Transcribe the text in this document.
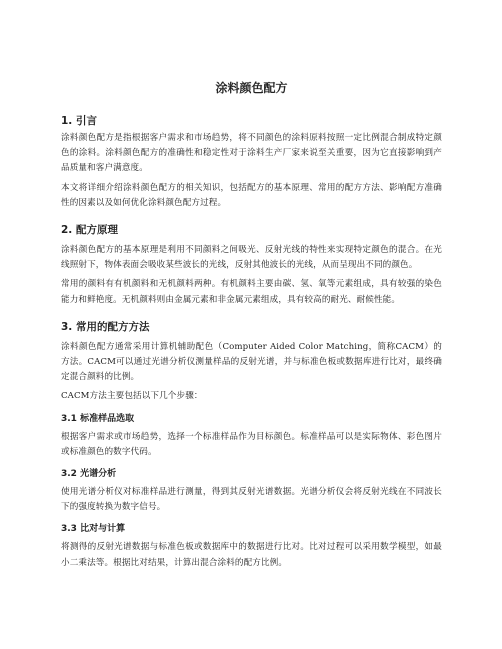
涂料颜色配方
1. 引言

涂料颜色配方是指根据客户需求和市场趋势，将不同颜色的涂料原料按照一定比例混合制成特定颜色的涂料。涂料颜色配方的准确性和稳定性对于涂料生产厂家来说至关重要，因为它直接影响到产品质量和客户满意度。

本文将详细介绍涂料颜色配方的相关知识，包括配方的基本原理、常用的配方方法、影响配方准确性的因素以及如何优化涂料颜色配方过程。

2. 配方原理

涂料颜色配方的基本原理是利用不同颜料之间吸光、反射光线的特性来实现特定颜色的混合。在光线照射下，物体表面会吸收某些波长的光线，反射其他波长的光线，从而呈现出不同的颜色。

常用的颜料有有机颜料和无机颜料两种。有机颜料主要由碳、氢、氧等元素组成，具有较强的染色能力和鲜艳度。无机颜料则由金属元素和非金属元素组成，具有较高的耐光、耐候性能。

3. 常用的配方方法

涂料颜色配方通常采用计算机辅助配色（Computer Aided Color Matching，简称CACM）的方法。CACM可以通过光谱分析仪测量样品的反射光谱，并与标准色板或数据库进行比对，最终确定混合颜料的比例。

CACM方法主要包括以下几个步骤：

3.1 标准样品选取

根据客户需求或市场趋势，选择一个标准样品作为目标颜色。标准样品可以是实际物体、彩色图片或标准颜色的数字代码。

3.2 光谱分析

使用光谱分析仪对标准样品进行测量，得到其反射光谱数据。光谱分析仪会将反射光线在不同波长下的强度转换为数字信号。

3.3 比对与计算

将测得的反射光谱数据与标准色板或数据库中的数据进行比对。比对过程可以采用数学模型，如最小二乘法等。根据比对结果，计算出混合涂料的配方比例。
